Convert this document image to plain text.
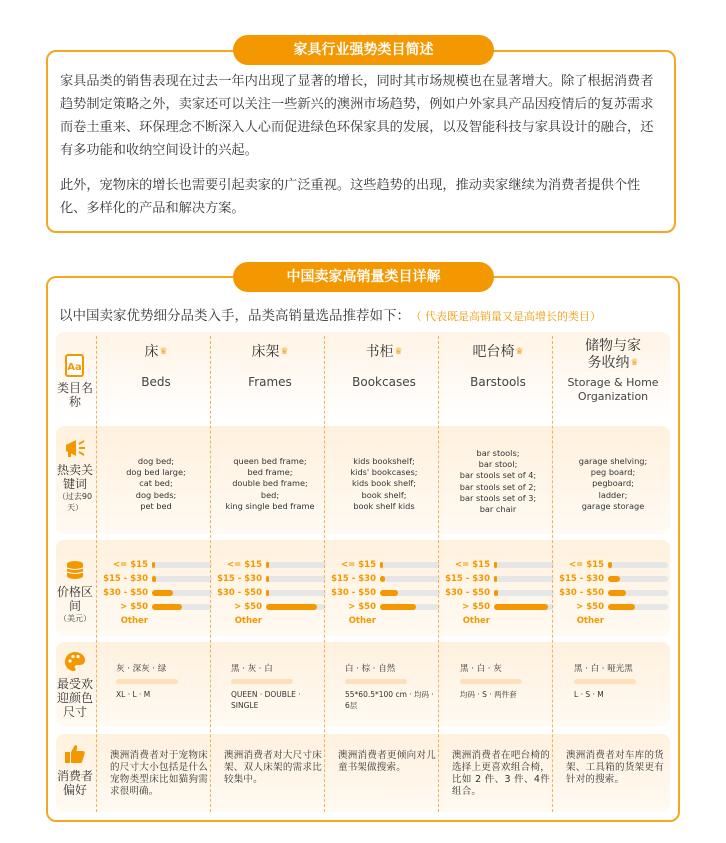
家具品类的销售表现在过去一年内出现了显著的增长，同时其市场规模也在显著增大。除了根据消费者趋势制定策略之外，卖家还可以关注一些新兴的澳洲市场趋势，例如户外家具产品因疫情后的复苏需求而卷土重来、环保理念不断深入人心而促进绿色环保家具的发展，以及智能科技与家具设计的融合，还有多功能和收纳空间设计的兴起。

此外，宠物床的增长也需要引起卖家的广泛重视。这些趋势的出现，推动卖家继续为消费者提供个性化、多样化的产品和解决方案。

家具行业强势类目简述
中国卖家高销量类目详解
以中国卖家优势细分品类入手，品类高销量选品推荐如下： （ 代表既是高销量又是高增长的类目）
Aa
类目名称
床♛
Beds
床架♛
Frames
书柜♛
Bookcases
吧台椅♛
Barstools
储物与家务收纳♛
Storage & Home Organization
热卖关键词
（过去90天）
dog bed;
dog bed large;
cat bed;
dog beds;
pet bed
queen bed frame;
bed frame;
double bed frame;
bed;
king single bed frame
kids bookshelf;
kids' bookcases;
kids book shelf;
book shelf;
book shelf kids
bar stools;
bar stool;
bar stools set of 4;
bar stools set of 2;
bar stools set of 3;
bar chair
garage shelving;
peg board;
pegboard;
ladder;
garage storage
价格区间
（美元）
<= $15
$15 - $30
$30 - $50
> $50
Other
<= $15
$15 - $30
$30 - $50
> $50
Other
<= $15
$15 - $30
$30 - $50
> $50
Other
<= $15
$15 - $30
$30 - $50
> $50
Other
<= $15
$15 - $30
$30 - $50
> $50
Other
最受欢迎颜色尺寸
灰 · 深灰 · 绿
XL · L · M
黑 · 灰 · 白
QUEEN · DOUBLE · SINGLE
白 · 棕 · 自然
55*60.5*100 cm · 均码 · 6层
黑 · 白 · 灰
均码 · S · 两件套
黑 · 白 · 哑光黑
L · S · M
消费者偏好
澳洲消费者对于宠物床的尺寸大小包括是什么宠物类型床比如猫狗需求很明确。
澳洲消费者对大尺寸床架、双人床架的需求比较集中。
澳洲消费者更倾向对儿童书架做搜索。
澳洲消费者在吧台椅的选择上更喜欢组合椅，比如 2 件、3 件、4件组合。
澳洲消费者对车库的货架、工具箱的货架更有针对的搜索。
